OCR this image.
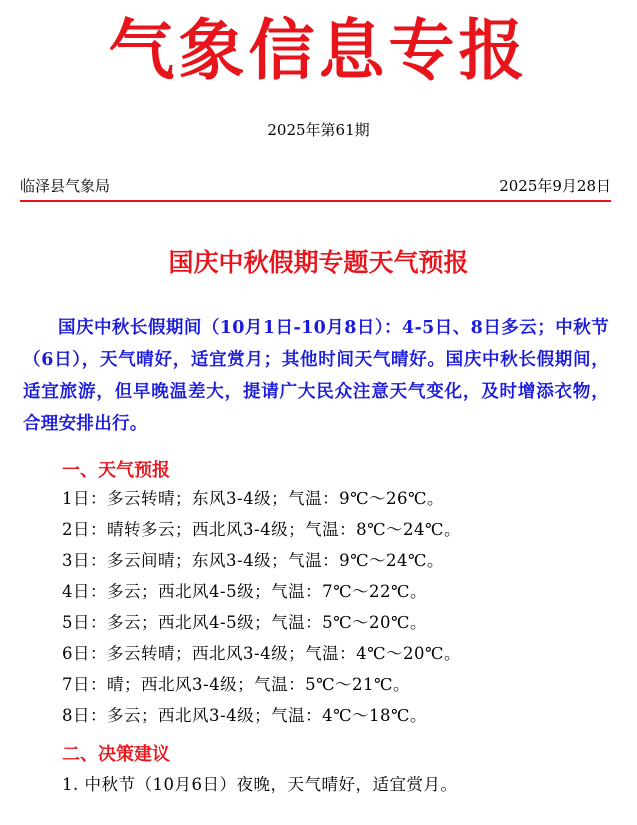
气象信息专报
2025年第61期
临泽县气象局	2025年9月28日
国庆中秋假期专题天气预报
国庆中秋长假期间（10月1日-10月8日）：4-5日、8日多云；中秋节（6日），天气晴好，适宜赏月；其他时间天气晴好。国庆中秋长假期间，适宜旅游，但早晚温差大，提请广大民众注意天气变化，及时增添衣物，合理安排出行。
一、天气预报
1日：多云转晴；东风3-4级；气温：9℃～26℃。
2日：晴转多云；西北风3-4级；气温：8℃～24℃。
3日：多云间晴；东风3-4级；气温：9℃～24℃。
4日：多云；西北风4-5级；气温：7℃～22℃。
5日：多云；西北风4-5级；气温：5℃～20℃。
6日：多云转晴；西北风3-4级；气温：4℃～20℃。
7日：晴；西北风3-4级；气温：5℃～21℃。
8日：多云；西北风3-4级；气温：4℃～18℃。
二、决策建议
1. 中秋节（10月6日）夜晚，天气晴好，适宜赏月。
